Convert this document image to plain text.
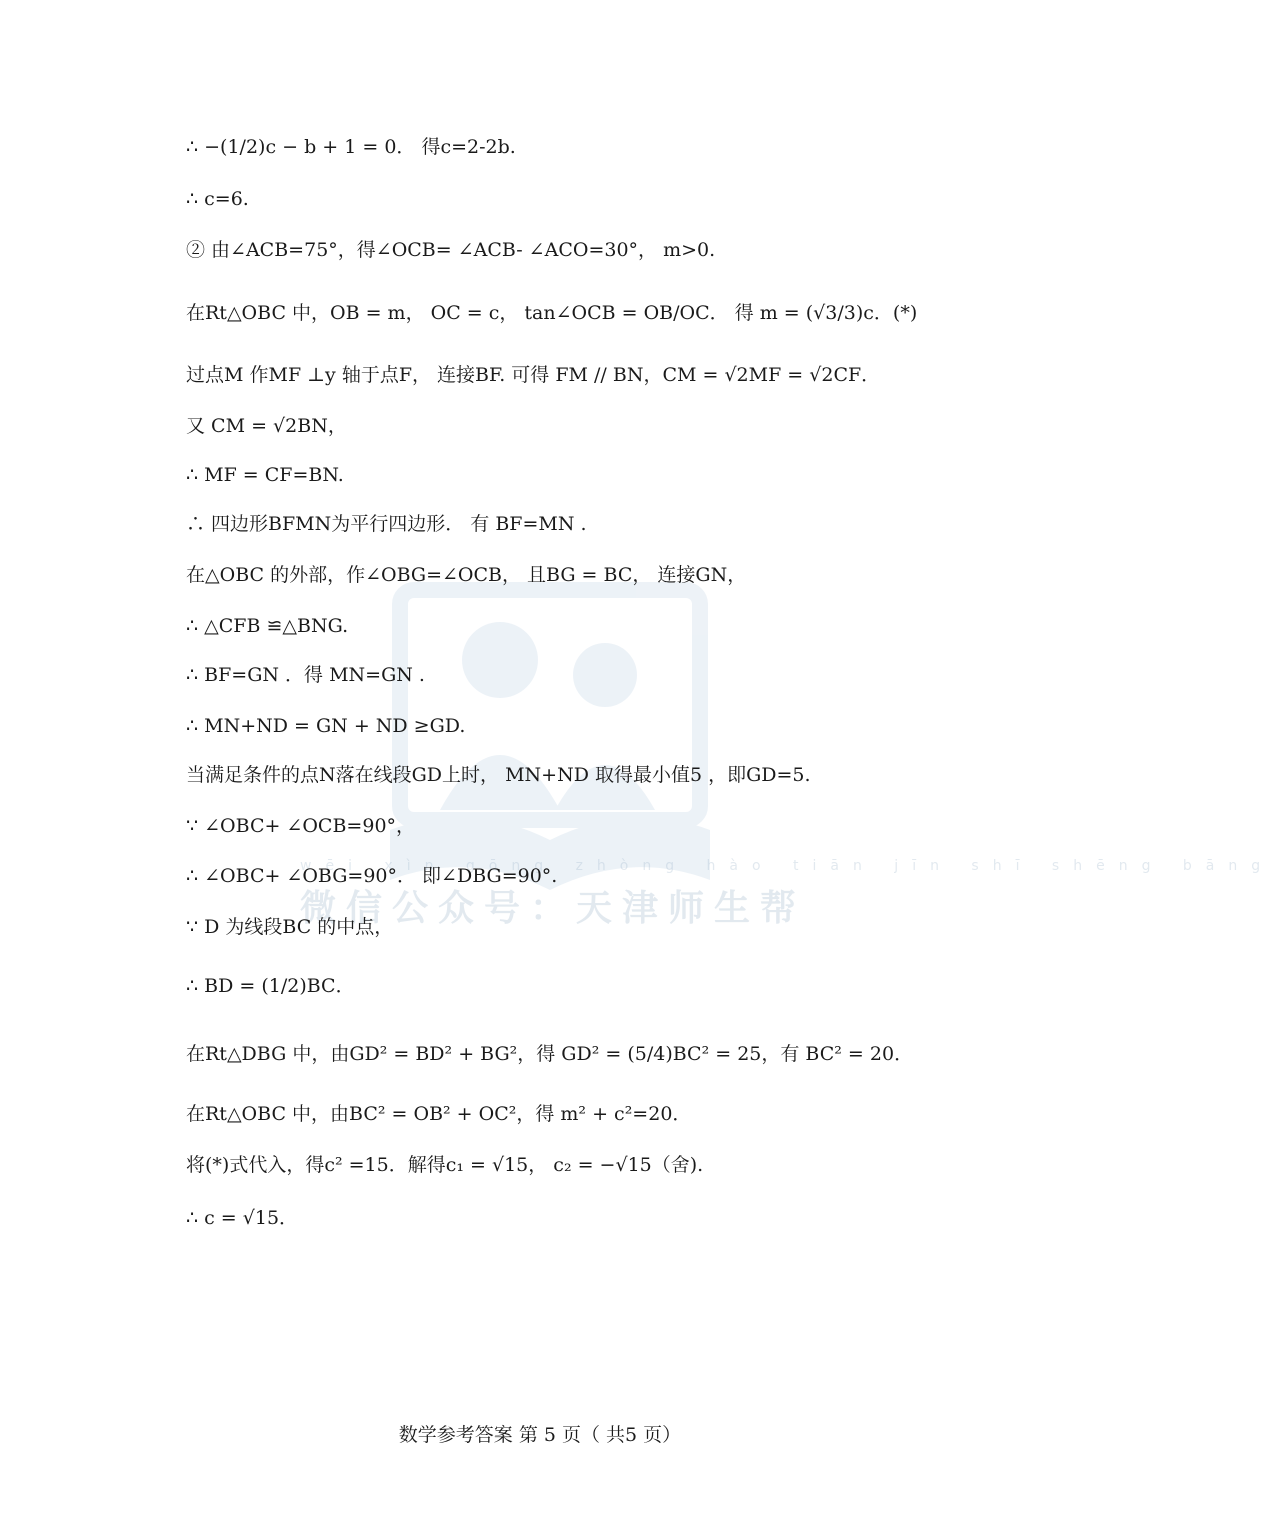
微信公众号：天津师生帮
wēi xìn gōng zhòng hào tiān jīn shī shēng bāng
∴ −(1/2)c − b + 1 = 0． 得c=2-2b.
∴ c=6.
② 由∠ACB=75°，得∠OCB= ∠ACB- ∠ACO=30°， m>0.
在Rt△OBC 中，OB = m， OC = c， tan∠OCB = OB/OC． 得 m = (√3/3)c．(*)
过点M 作MF ⊥y 轴于点F， 连接BF. 可得 FM // BN，CM = √2MF = √2CF．
又 CM = √2BN，
∴ MF = CF=BN.
∴ 四边形BFMN为平行四边形． 有 BF=MN .
在△OBC 的外部，作∠OBG=∠OCB， 且BG = BC， 连接GN，
∴ △CFB ≌△BNG.
∴ BF=GN ．得 MN=GN .
∴ MN+ND = GN + ND ≥GD.
当满足条件的点N落在线段GD上时， MN+ND 取得最小值5 ，即GD=5.
∵ ∠OBC+ ∠OCB=90°，
∴ ∠OBC+ ∠OBG=90°． 即∠DBG=90°.
∵ D 为线段BC 的中点，
∴ BD = (1/2)BC．
在Rt△DBG 中，由GD² = BD² + BG²，得 GD² = (5/4)BC² = 25，有 BC² = 20．
在Rt△OBC 中，由BC² = OB² + OC²，得 m² + c²=20．
将(*)式代入，得c² =15．解得c₁ = √15， c₂ = −√15（舍).
∴ c = √15．
数学参考答案 第 5 页（ 共5 页）
